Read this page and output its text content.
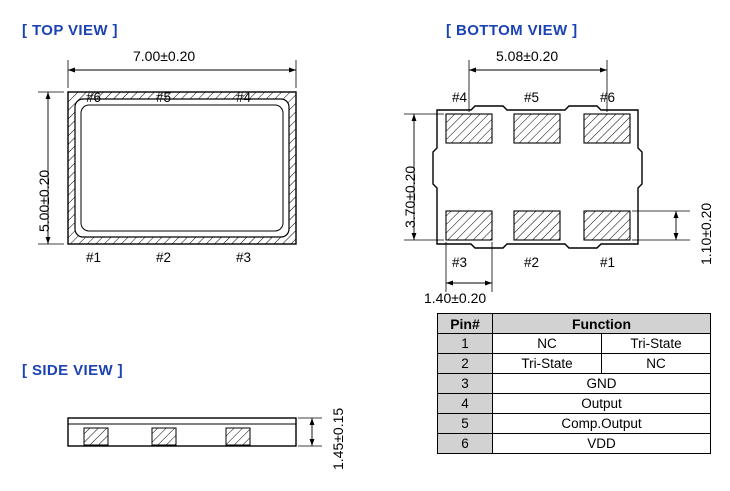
[ TOP VIEW ]
7.00±0.20
5.00±0.20
#6	#5	#4
#1	#2	#3
[ BOTTOM VIEW ]
5.08±0.20
3.70±0.20
1.10±0.20
1.40±0.20
#4	#5	#6
#3	#2	#1
[ SIDE VIEW ]
1.45±0.15
Pin#	Function	
1	NC	Tri-State
2	Tri-State	NC
3	GND	
4	Output	
5	Comp.Output	
6	VDD	
